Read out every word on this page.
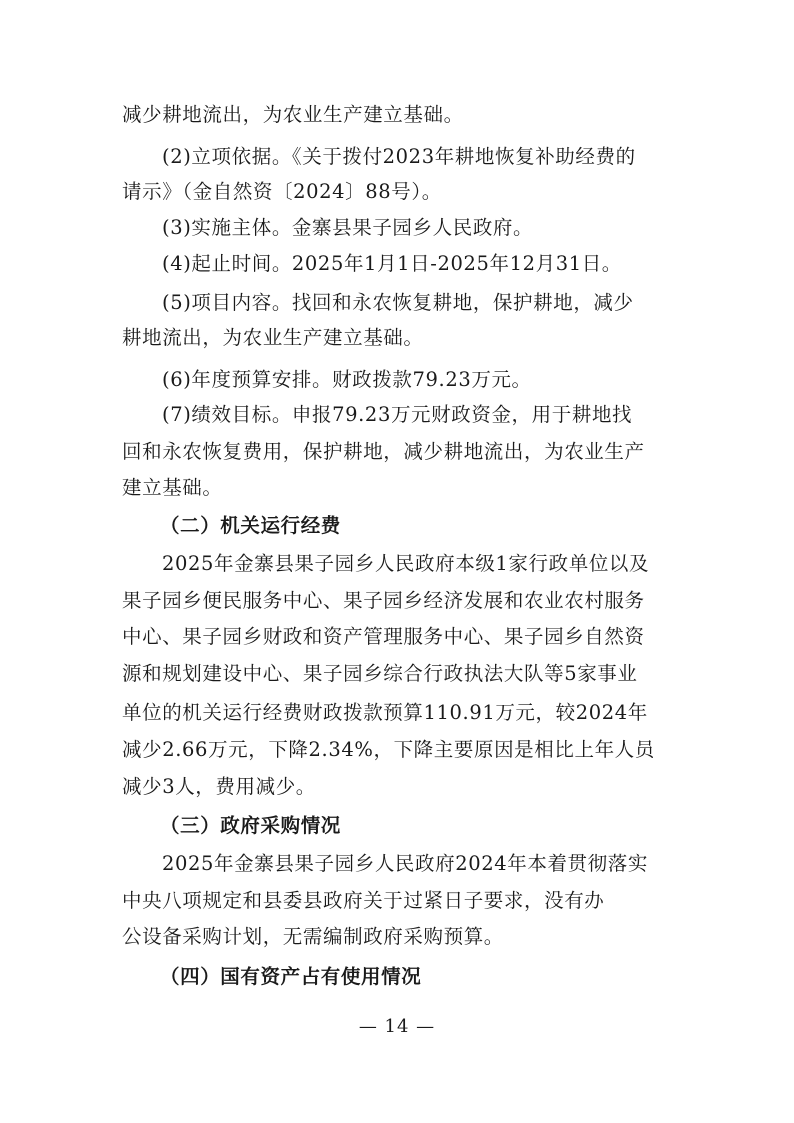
减少耕地流出，为农业生产建立基础。
(2)立项依据。《关于拨付2023年耕地恢复补助经费的
请示》（金自然资〔2024〕88号）。
(3)实施主体。金寨县果子园乡人民政府。
(4)起止时间。2025年1月1日-2025年12月31日。
(5)项目内容。找回和永农恢复耕地，保护耕地，减少
耕地流出，为农业生产建立基础。
(6)年度预算安排。财政拨款79.23万元。
(7)绩效目标。申报79.23万元财政资金，用于耕地找
回和永农恢复费用，保护耕地，减少耕地流出，为农业生产
建立基础。
（二）机关运行经费
2025年金寨县果子园乡人民政府本级1家行政单位以及
果子园乡便民服务中心、果子园乡经济发展和农业农村服务
中心、果子园乡财政和资产管理服务中心、果子园乡自然资
源和规划建设中心、果子园乡综合行政执法大队等5家事业
单位的机关运行经费财政拨款预算110.91万元，较2024年
减少2.66万元，下降2.34%，下降主要原因是相比上年人员
减少3人，费用减少。
（三）政府采购情况
2025年金寨县果子园乡人民政府2024年本着贯彻落实
中央八项规定和县委县政府关于过紧日子要求，没有办
公设备采购计划，无需编制政府采购预算。
（四）国有资产占有使用情况
— 14 —
